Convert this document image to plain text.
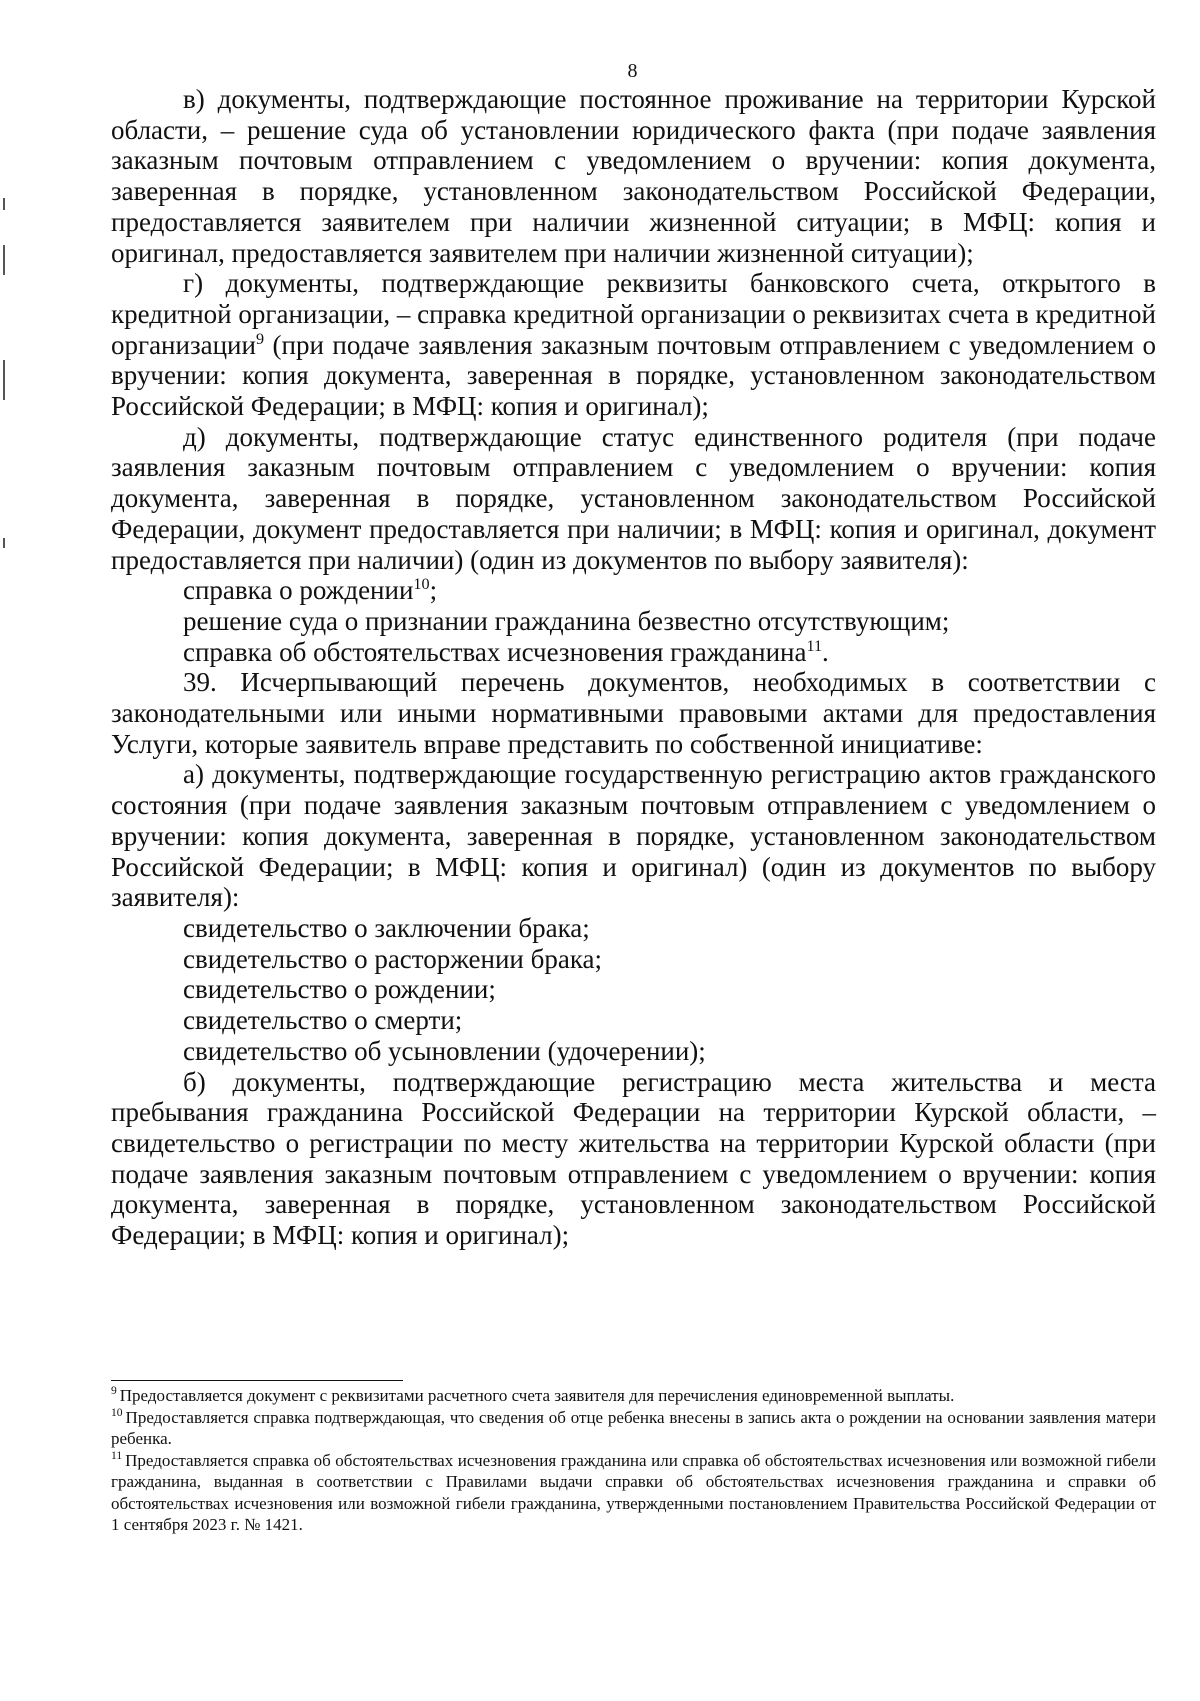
8

в) документы, подтверждающие постоянное проживание на территории Курской области, – решение суда об установлении юридического факта (при подаче заявления заказным почтовым отправлением с уведомлением о вручении: копия документа, заверенная в порядке, установленном законодательством Российской Федерации, предоставляется заявителем при наличии жизненной ситуации; в МФЦ: копия и оригинал, предоставляется заявителем при наличии жизненной ситуации);

г) документы, подтверждающие реквизиты банковского счета, открытого в кредитной организации, – справка кредитной организации о реквизитах счета в кредитной организации$^9$ (при подаче заявления заказным почтовым отправлением с уведомлением о вручении: копия документа, заверенная в порядке, установленном законодательством Российской Федерации; в МФЦ: копия и оригинал);

д) документы, подтверждающие статус единственного родителя (при подаче заявления заказным почтовым отправлением с уведомлением о вручении: копия документа, заверенная в порядке, установленном законодательством Российской Федерации, документ предоставляется при наличии; в МФЦ: копия и оригинал, документ предоставляется при наличии) (один из документов по выбору заявителя):

справка о рождении$^{10}$;

решение суда о признании гражданина безвестно отсутствующим;

справка об обстоятельствах исчезновения гражданина$^{11}$.

39. Исчерпывающий перечень документов, необходимых в соответствии с законодательными или иными нормативными правовыми актами для предоставления Услуги, которые заявитель вправе представить по собственной инициативе:

а) документы, подтверждающие государственную регистрацию актов гражданского состояния (при подаче заявления заказным почтовым отправлением с уведомлением о вручении: копия документа, заверенная в порядке, установленном законодательством Российской Федерации; в МФЦ: копия и оригинал) (один из документов по выбору заявителя):

свидетельство о заключении брака;

свидетельство о расторжении брака;

свидетельство о рождении;

свидетельство о смерти;

свидетельство об усыновлении (удочерении);

б) документы, подтверждающие регистрацию места жительства и места пребывания гражданина Российской Федерации на территории Курской области, – свидетельство о регистрации по месту жительства на территории Курской области (при подаче заявления заказным почтовым отправлением с уведомлением о вручении: копия документа, заверенная в порядке, установленном законодательством Российской Федерации; в МФЦ: копия и оригинал);

$^9$ Предоставляется документ с реквизитами расчетного счета заявителя для перечисления единовременной выплаты.

$^{10}$ Предоставляется справка подтверждающая, что сведения об отце ребенка внесены в запись акта о рождении на основании заявления матери ребенка.

$^{11}$ Предоставляется справка об обстоятельствах исчезновения гражданина или справка об обстоятельствах исчезновения или возможной гибели гражданина, выданная в соответствии с Правилами выдачи справки об обстоятельствах исчезновения гражданина и справки об обстоятельствах исчезновения или возможной гибели гражданина, утвержденными постановлением Правительства Российской Федерации от 1 сентября 2023 г. № 1421.
